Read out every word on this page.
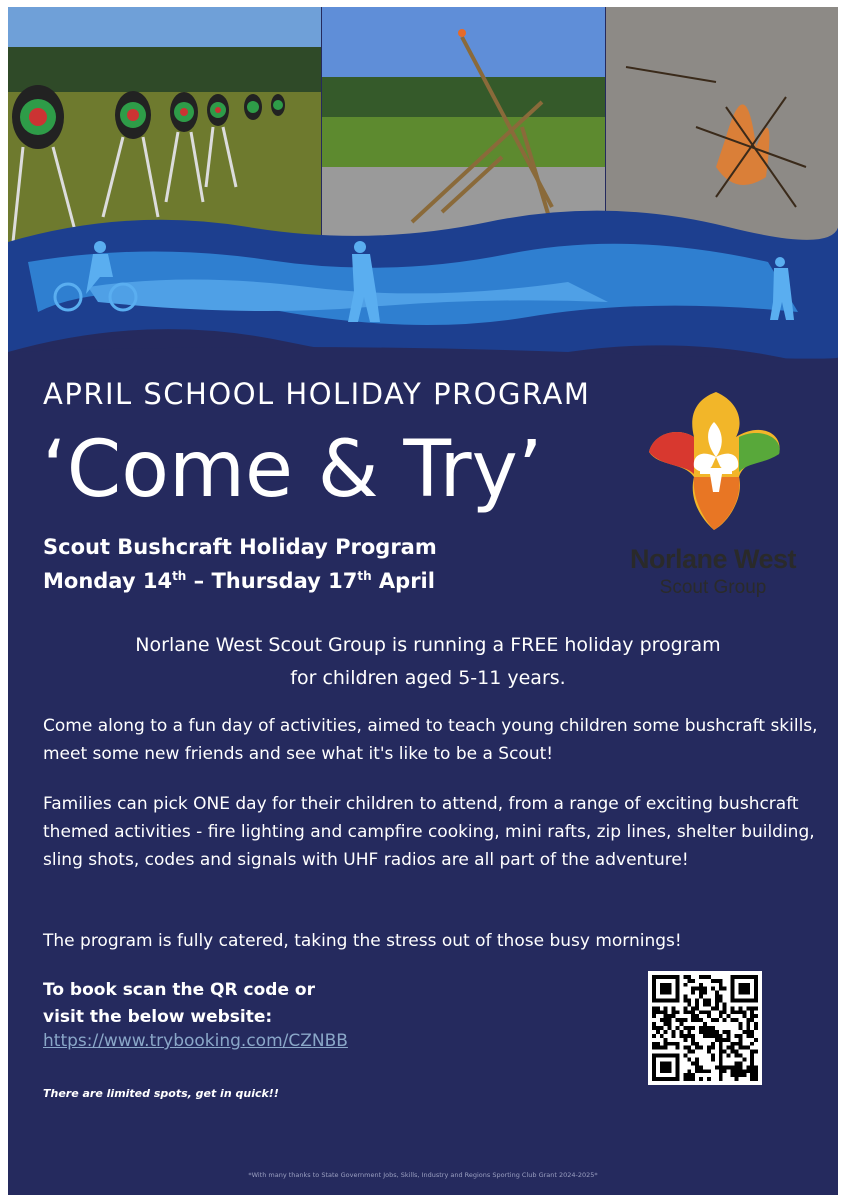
APRIL SCHOOL HOLIDAY PROGRAM
‘Come & Try’
Scout Bushcraft Holiday Program
Monday 14th – Thursday 17th April
Norlane West
Scout Group
Norlane West Scout Group is running a FREE holiday program
for children aged 5-11 years.
Come along to a fun day of activities, aimed to teach young children some bushcraft skills, meet some new friends and see what it's like to be a Scout!
Families can pick ONE day for their children to attend, from a range of exciting bushcraft themed activities - fire lighting and campfire cooking, mini rafts, zip lines, shelter building, sling shots, codes and signals with UHF radios are all part of the adventure!
The program is fully catered, taking the stress out of those busy mornings!
To book scan the QR code or
visit the below website:
https://www.trybooking.com/CZNBB
There are limited spots, get in quick!!
*With many thanks to State Government Jobs, Skills, Industry and Regions Sporting Club Grant 2024-2025*
